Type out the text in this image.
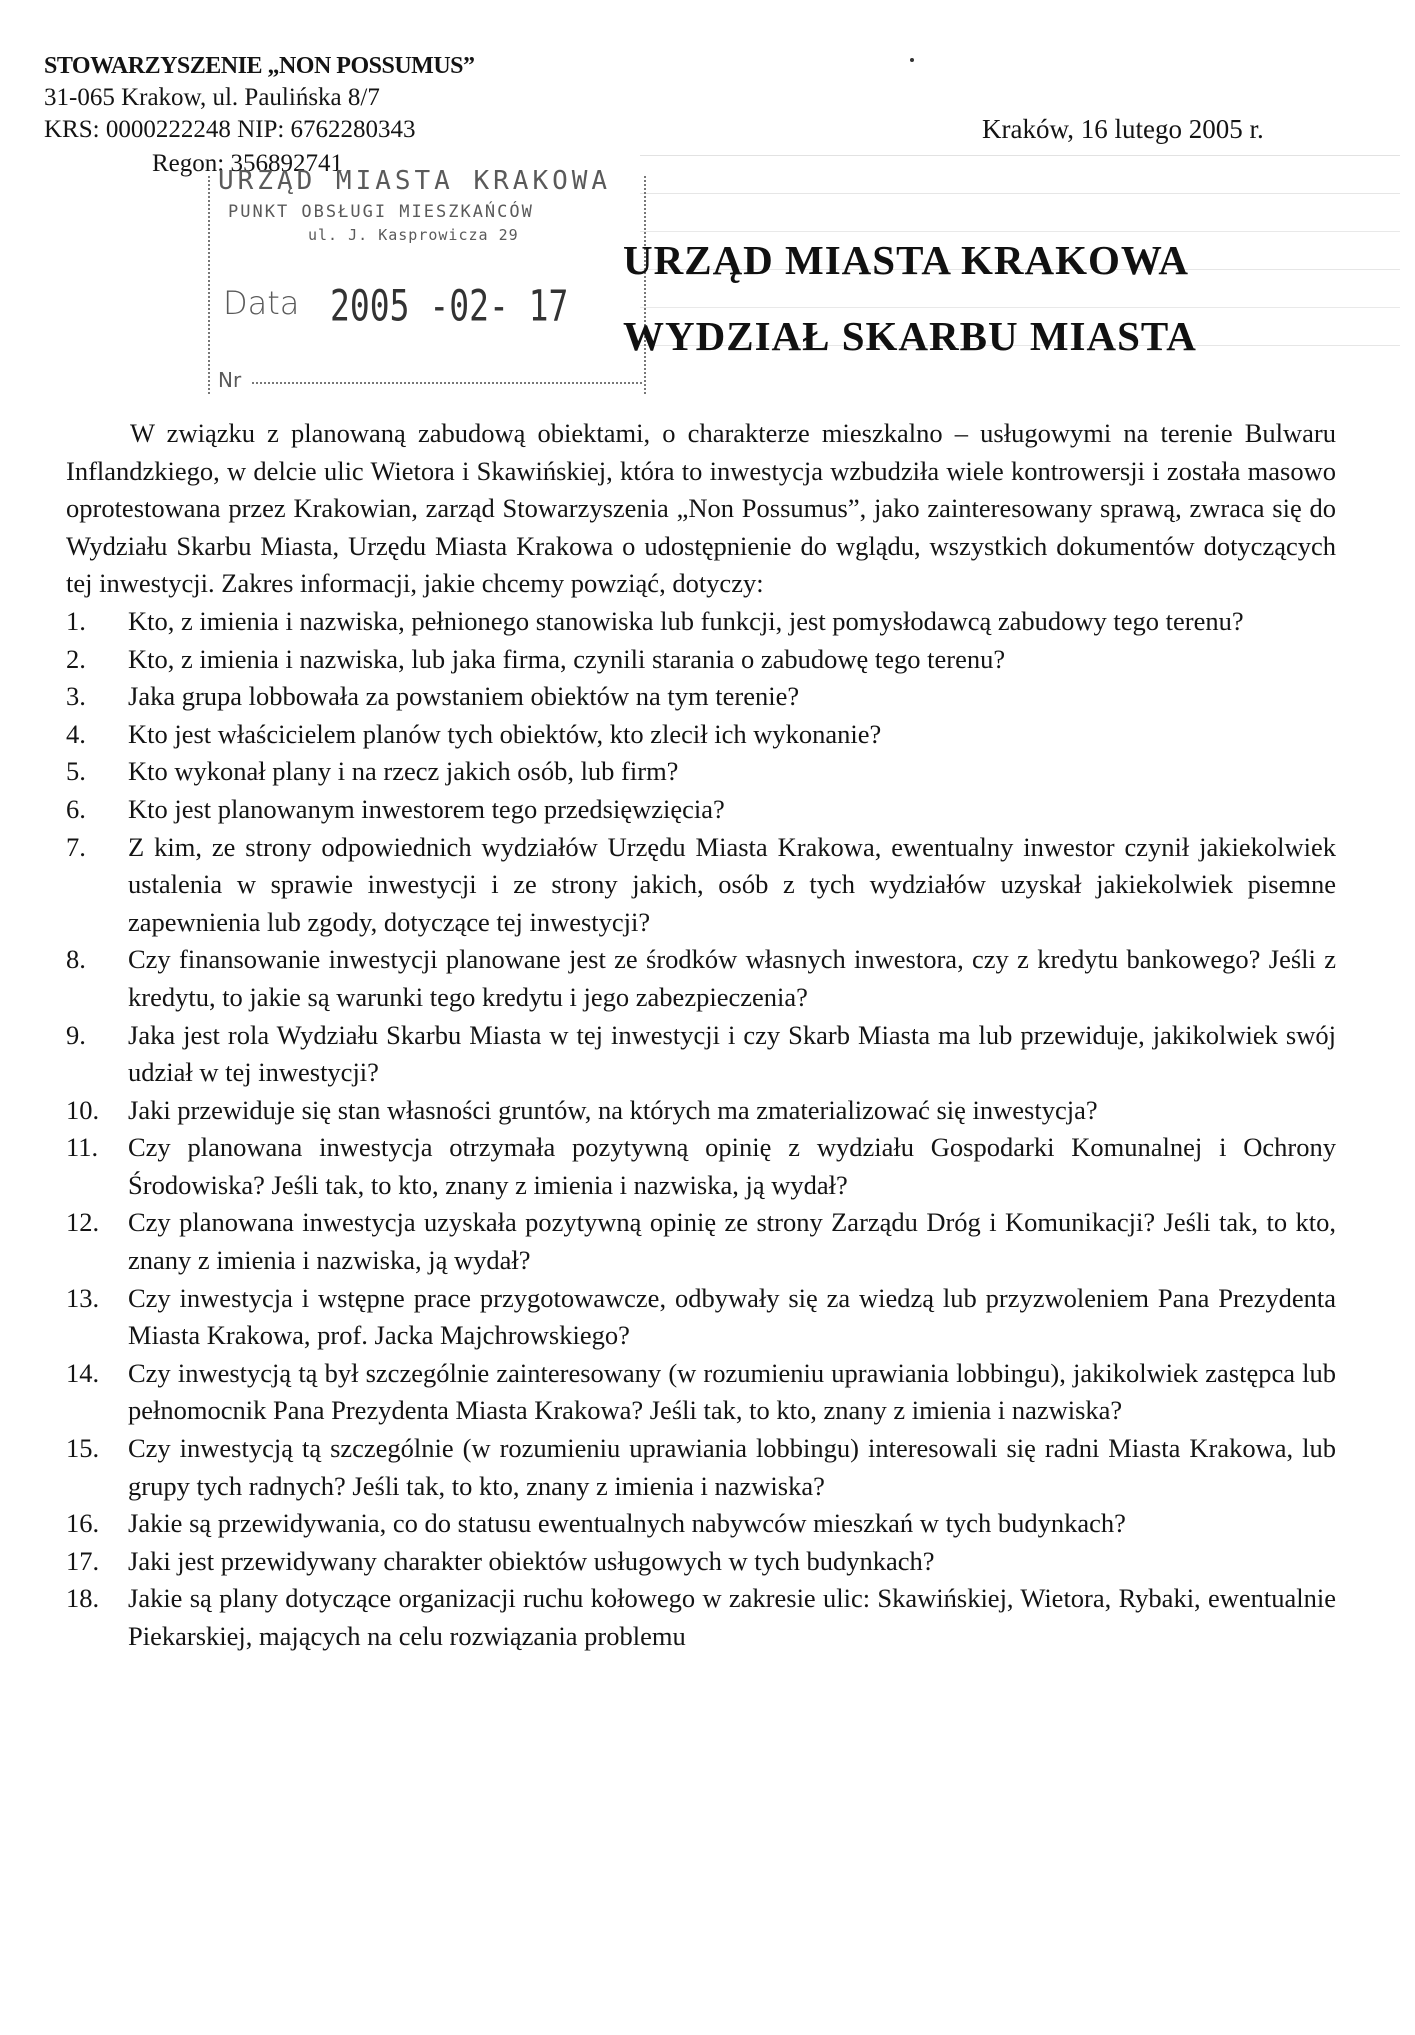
STOWARZYSZENIE „NON POSSUMUS”
31-065 Krakow, ul. Paulińska 8/7
KRS: 0000222248 NIP: 6762280343
Regon: 356892741
Kraków, 16 lutego 2005 r.
URZĄD MIASTA KRAKOWA
PUNKT OBSŁUGI MIESZKAŃCÓW
ul. J. Kasprowicza 29
Data 2005 -02- 17
Nr
URZĄD MIASTA KRAKOWA
WYDZIAŁ SKARBU MIASTA

W związku z planowaną zabudową obiektami, o charakterze mieszkalno – usługowymi na terenie Bulwaru Inflandzkiego, w delcie ulic Wietora i Skawińskiej, która to inwestycja wzbudziła wiele kontrowersji i została masowo oprotestowana przez Krakowian, zarząd Stowarzyszenia „Non Possumus”, jako zainteresowany sprawą, zwraca się do Wydziału Skarbu Miasta, Urzędu Miasta Krakowa o udostępnienie do wglądu, wszystkich dokumentów dotyczących tej inwestycji. Zakres informacji, jakie chcemy powziąć, dotyczy:

1.	Kto, z imienia i nazwiska, pełnionego stanowiska lub funkcji, jest pomysłodawcą zabudowy tego terenu?
2.	Kto, z imienia i nazwiska, lub jaka firma, czynili starania o zabudowę tego terenu?
3.	Jaka grupa lobbowała za powstaniem obiektów na tym terenie?
4.	Kto jest właścicielem planów tych obiektów, kto zlecił ich wykonanie?
5.	Kto wykonał plany i na rzecz jakich osób, lub firm?
6.	Kto jest planowanym inwestorem tego przedsięwzięcia?
7.	Z kim, ze strony odpowiednich wydziałów Urzędu Miasta Krakowa, ewentualny inwestor czynił jakiekolwiek ustalenia w sprawie inwestycji i ze strony jakich, osób z tych wydziałów uzyskał jakiekolwiek pisemne zapewnienia lub zgody, dotyczące tej inwestycji?
8.	Czy finansowanie inwestycji planowane jest ze środków własnych inwestora, czy z kredytu bankowego? Jeśli z kredytu, to jakie są warunki tego kredytu i jego zabezpieczenia?
9.	Jaka jest rola Wydziału Skarbu Miasta w tej inwestycji i czy Skarb Miasta ma lub przewiduje, jakikolwiek swój udział w tej inwestycji?
10.	Jaki przewiduje się stan własności gruntów, na których ma zmaterializować się inwestycja?
11.	Czy planowana inwestycja otrzymała pozytywną opinię z wydziału Gospodarki Komunalnej i Ochrony Środowiska? Jeśli tak, to kto, znany z imienia i nazwiska, ją wydał?
12.	Czy planowana inwestycja uzyskała pozytywną opinię ze strony Zarządu Dróg i Komunikacji? Jeśli tak, to kto, znany z imienia i nazwiska, ją wydał?
13.	Czy inwestycja i wstępne prace przygotowawcze, odbywały się za wiedzą lub przyzwoleniem Pana Prezydenta Miasta Krakowa, prof. Jacka Majchrowskiego?
14.	Czy inwestycją tą był szczególnie zainteresowany (w rozumieniu uprawiania lobbingu), jakikolwiek zastępca lub pełnomocnik Pana Prezydenta Miasta Krakowa? Jeśli tak, to kto, znany z imienia i nazwiska?
15.	Czy inwestycją tą szczególnie (w rozumieniu uprawiania lobbingu) interesowali się radni Miasta Krakowa, lub grupy tych radnych? Jeśli tak, to kto, znany z imienia i nazwiska?
16.	Jakie są przewidywania, co do statusu ewentualnych nabywców mieszkań w tych budynkach?
17.	Jaki jest przewidywany charakter obiektów usługowych w tych budynkach?
18.	Jakie są plany dotyczące organizacji ruchu kołowego w zakresie ulic: Skawińskiej, Wietora, Rybaki, ewentualnie Piekarskiej, mających na celu rozwiązania problemu
